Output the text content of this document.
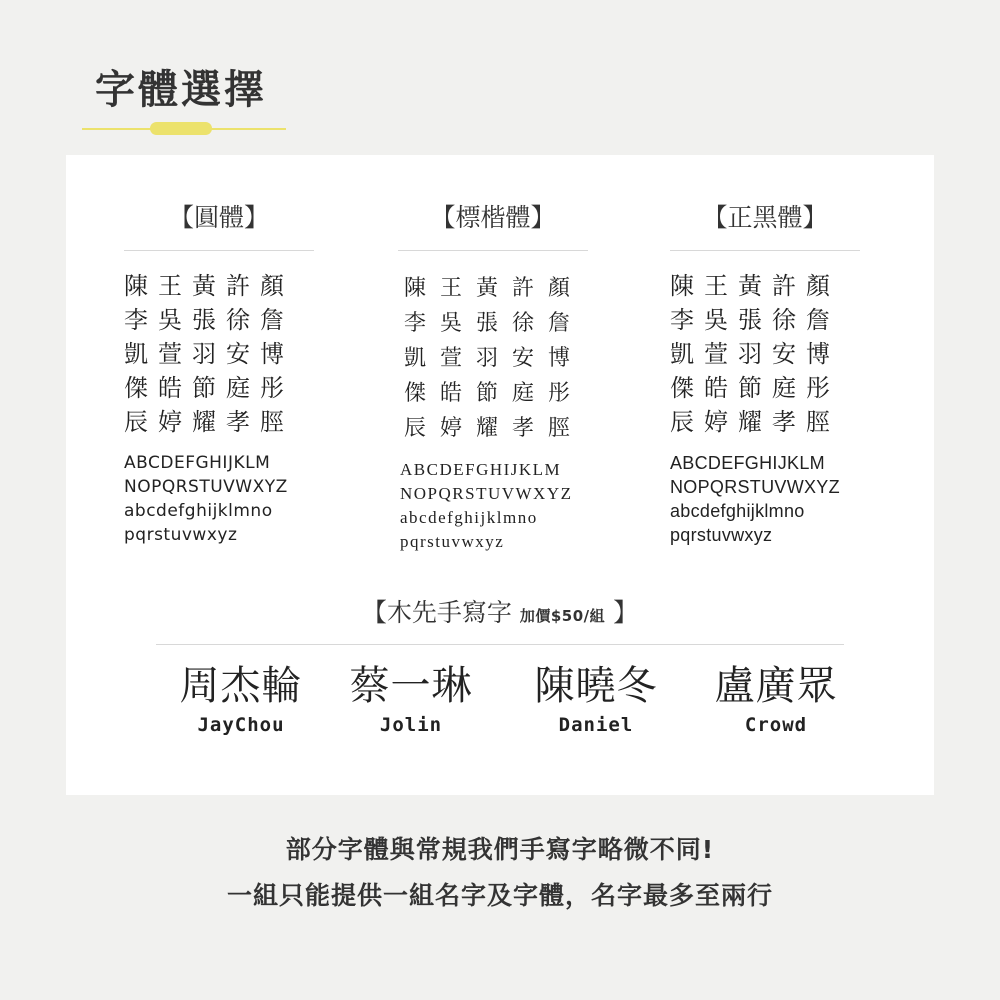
字體選擇
【圓體】
陳王黃許顏
李吳張徐詹
凱萱羽安博
傑皓節庭彤
辰婷耀孝脛
ABCDEFGHIJKLM
NOPQRSTUVWXYZ
abcdefghijklmno
pqrstuvwxyz
【標楷體】
陳王黃許顏
李吳張徐詹
凱萱羽安博
傑皓節庭彤
辰婷耀孝脛
ABCDEFGHIJKLM
NOPQRSTUVWXYZ
abcdefghijklmno
pqrstuvwxyz
【正黑體】
陳王黃許顏
李吳張徐詹
凱萱羽安博
傑皓節庭彤
辰婷耀孝脛
ABCDEFGHIJKLM
NOPQRSTUVWXYZ
abcdefghijklmno
pqrstuvwxyz
【木先手寫字 加價$50/組 】
周杰輪
JayChou
蔡一琳
Jolin
陳曉冬
Daniel
盧廣眾
Crowd
部分字體與常規我們手寫字略微不同!
一組只能提供一組名字及字體，名字最多至兩行
